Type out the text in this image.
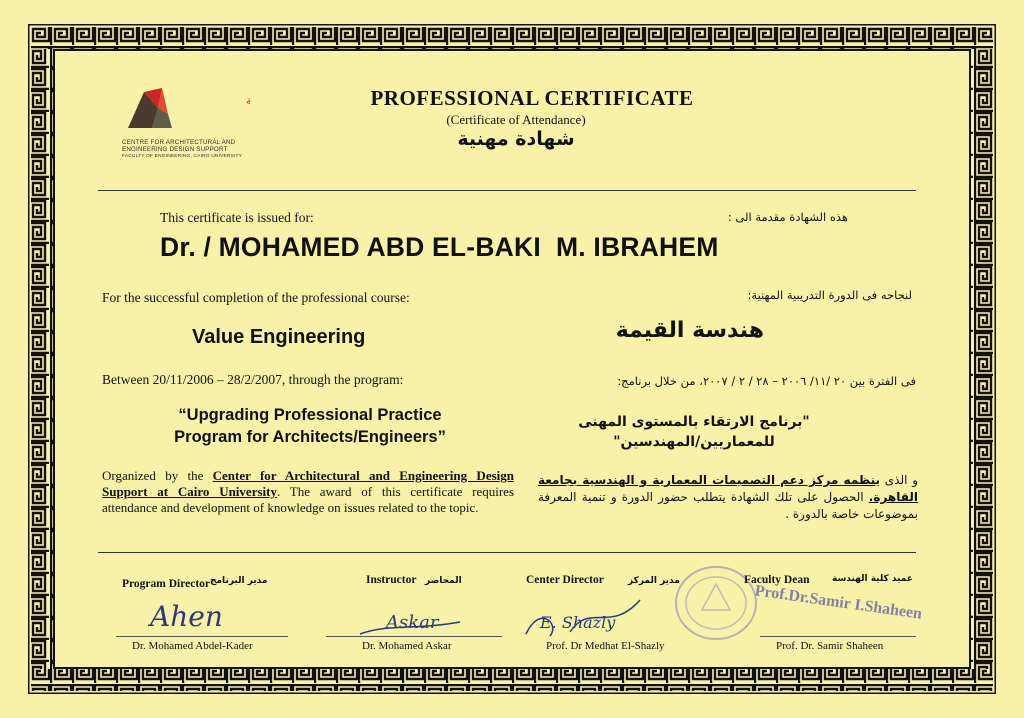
ة
CENTRE FOR ARCHITECTURAL AND
ENGINEERING DESIGN SUPPORT
FACULTY OF ENGINEERING, CAIRO UNIVERSITY
PROFESSIONAL CERTIFICATE
(Certificate of Attendance)
شهادة مهنية
This certificate is issued for:	هذه الشهادة مقدمة الى :
Dr. / MOHAMED ABD EL-BAKI  M. IBRAHEM
For the successful completion of the professional course:	لنجاحه فى الدورة التدريبية المهنية:
Value Engineering	هندسة القيمة
Between 20/11/2006 – 28/2/2007, through the program:	فى الفترة بين ٢٠ /١١/ ٢٠٠٦ – ٢٨ / ٢ / ٢٠٠٧، من خلال برنامج:
“Upgrading Professional Practice
Program for Architects/Engineers”
"برنامج الارتقاء بالمستوى المهنى
للمعماريين/المهندسين"
Organized by the Center for Architectural and Engineering Design Support at Cairo University. The award of this certificate requires attendance and development of knowledge on issues related to the topic.
و الذى ينظمه مركز دعم التصميمات المعمارية و الهندسية بجامعة القاهرة. الحصول على تلك الشهادة يتطلب حضور الدورة و تنمية المعرفة بموضوعات خاصة بالدورة .
Program Director مدير البرنامج
Ahen
Dr. Mohamed Abdel-Kader
Instructor المحاضر
Askar
Dr. Mohamed Askar
Center Director	مدير المركز
E. Shazly
Prof. Dr Medhat El-Shazly
Faculty Dean	عميد كلية الهندسة
Prof.Dr.Samir I.Shaheen
Prof. Dr. Samir Shaheen
